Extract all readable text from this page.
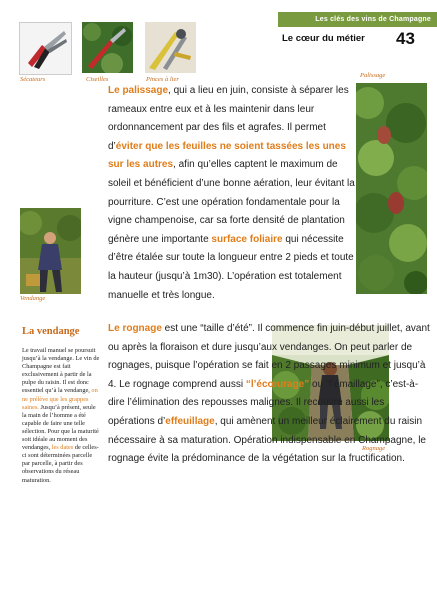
Les clés des vins de Champagne
Le cœur du métier 43
Sécateurs	Ciseilles	Pinces à lier
Palissage
Vendange
Rognage

Le palissage, qui a lieu en juin, consiste à séparer les rameaux entre eux et à les maintenir dans leur ordonnancement par des fils et agrafes. Il permet d’éviter que les feuilles ne soient tassées les unes sur les autres, afin qu’elles captent le maximum de soleil et bénéficient d’une bonne aération, leur évitant la pourriture. C’est une opération fondamentale pour la vigne champenoise, car sa forte densité de plantation génère une importante surface foliaire qui nécessite d’être étalée sur toute la longueur entre 2 pieds et toute la hauteur (jusqu’à 1m30). L’opération est totalement manuelle et très longue.

Le rognage est une “taille d’été”. Il commence fin juin-début juillet, avant ou après la floraison et dure jusqu’aux vendanges. On peut parler de rognages, puisque l’opération se fait en 2 passages minimum et jusqu’à 4. Le rognage comprend aussi “l’écœurage” ou “l’émaillage”, c’est-à-dire l’élimination des repousses malignes. Il recouvre aussi les opérations d’effeuillage, qui amènent un meilleur éclairement du raisin nécessaire à sa maturation. Opération indispensable en Champagne, le rognage évite la prédominance de la végétation sur la fructification.

La vendange
Le travail manuel se poursuit jusqu’à la vendange. Le vin de Champagne est fait exclusivement à partir de la pulpe du raisin. Il est donc essentiel qu’à la vendange, on ne prélève que les grappes saines. Jusqu’à présent, seule la main de l’homme a été capable de faire une telle sélection. Pour que la maturité soit idéale au moment des vendanges, les dates de celles-ci sont déterminées parcelle par parcelle, à partir des observations du réseau maturation.
